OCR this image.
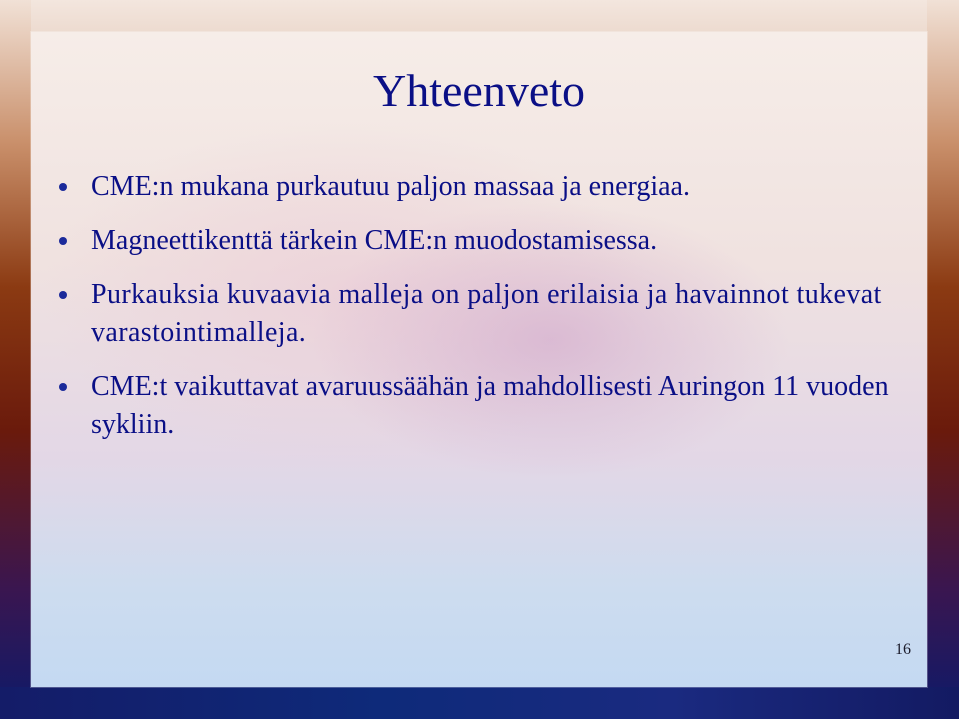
Yhteenveto
CME:n mukana purkautuu paljon massaa ja energiaa.
Magneettikenttä tärkein CME:n muodostamisessa.
Purkauksia kuvaavia malleja on paljon erilaisia ja havainnot tukevat varastointimalleja.
CME:t vaikuttavat avaruussäähän ja mahdollisesti Auringon 11 vuoden sykliin.
16
